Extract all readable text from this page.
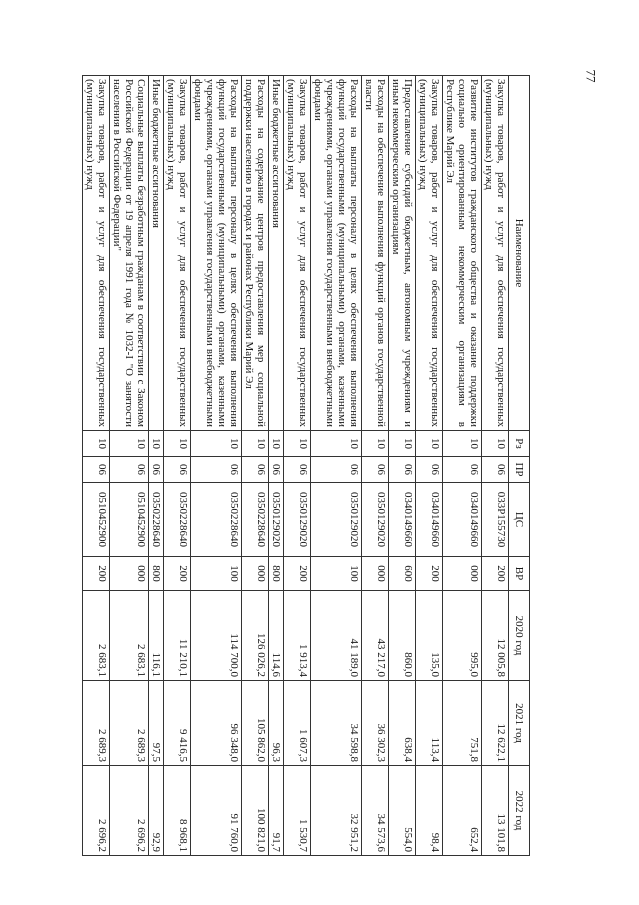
77
Наименование	Рз	ПР	ЦС	ВР	2020 год	2021 год	2022 год
Закупка товаров, работ и услуг для обеспечения государственных (муниципальных) нужд	10	06	033Р155730	200	12 005,8	12 622,1	13 101,8
Развитие институтов гражданского общества и оказание поддержки социально ориентированным некоммерческим организациям в Республике Марий Эл	10	06	0340149660	000	995,0	751,8	652,4
Закупка товаров, работ и услуг для обеспечения государственных (муниципальных) нужд	10	06	0340149660	200	135,0	113,4	98,4
Предоставление субсидий бюджетным, автономным учреждениям и иным некоммерческим организациям	10	06	0340149660	600	860,0	638,4	554,0
Расходы на обеспечение выполнения функций органов государственной власти	10	06	0350129020	000	43 217,0	36 302,3	34 573,6
Расходы на выплаты персоналу в целях обеспечения выполнения функций государственными (муниципальными) органами, казенными учреждениями, органами управления государственными внебюджетными фондами	10	06	0350129020	100	41 189,0	34 598,8	32 951,2
Закупка товаров, работ и услуг для обеспечения государственных (муниципальных) нужд	10	06	0350129020	200	1 913,4	1 607,3	1 530,7
Иные бюджетные ассигнования	10	06	0350129020	800	114,6	96,3	91,7
Расходы на содержание центров предоставления мер социальной поддержки населению в городах и районах Республики Марий Эл	10	06	0350228640	000	126 026,2	105 862,0	100 821,0
Расходы на выплаты персоналу в целях обеспечения выполнения функций государственными (муниципальными) органами, казенными учреждениями, органами управления государственными внебюджетными фондами	10	06	0350228640	100	114 700,0	96 348,0	91 760,0
Закупка товаров, работ и услуг для обеспечения государственных (муниципальных) нужд	10	06	0350228640	200	11 210,1	9 416,5	8 968,1
Иные бюджетные ассигнования	10	06	0350228640	800	116,1	97,5	92,9
Социальные выплаты безработным гражданам в соответствии с Законом Российской Федерации от 19 апреля 1991 года № 1032-I "О занятости населения в Российской Федерации"	10	06	0510452900	000	2 683,1	2 689,3	2 696,2
Закупка товаров, работ и услуг для обеспечения государственных (муниципальных) нужд	10	06	0510452900	200	2 683,1	2 689,3	2 696,2
